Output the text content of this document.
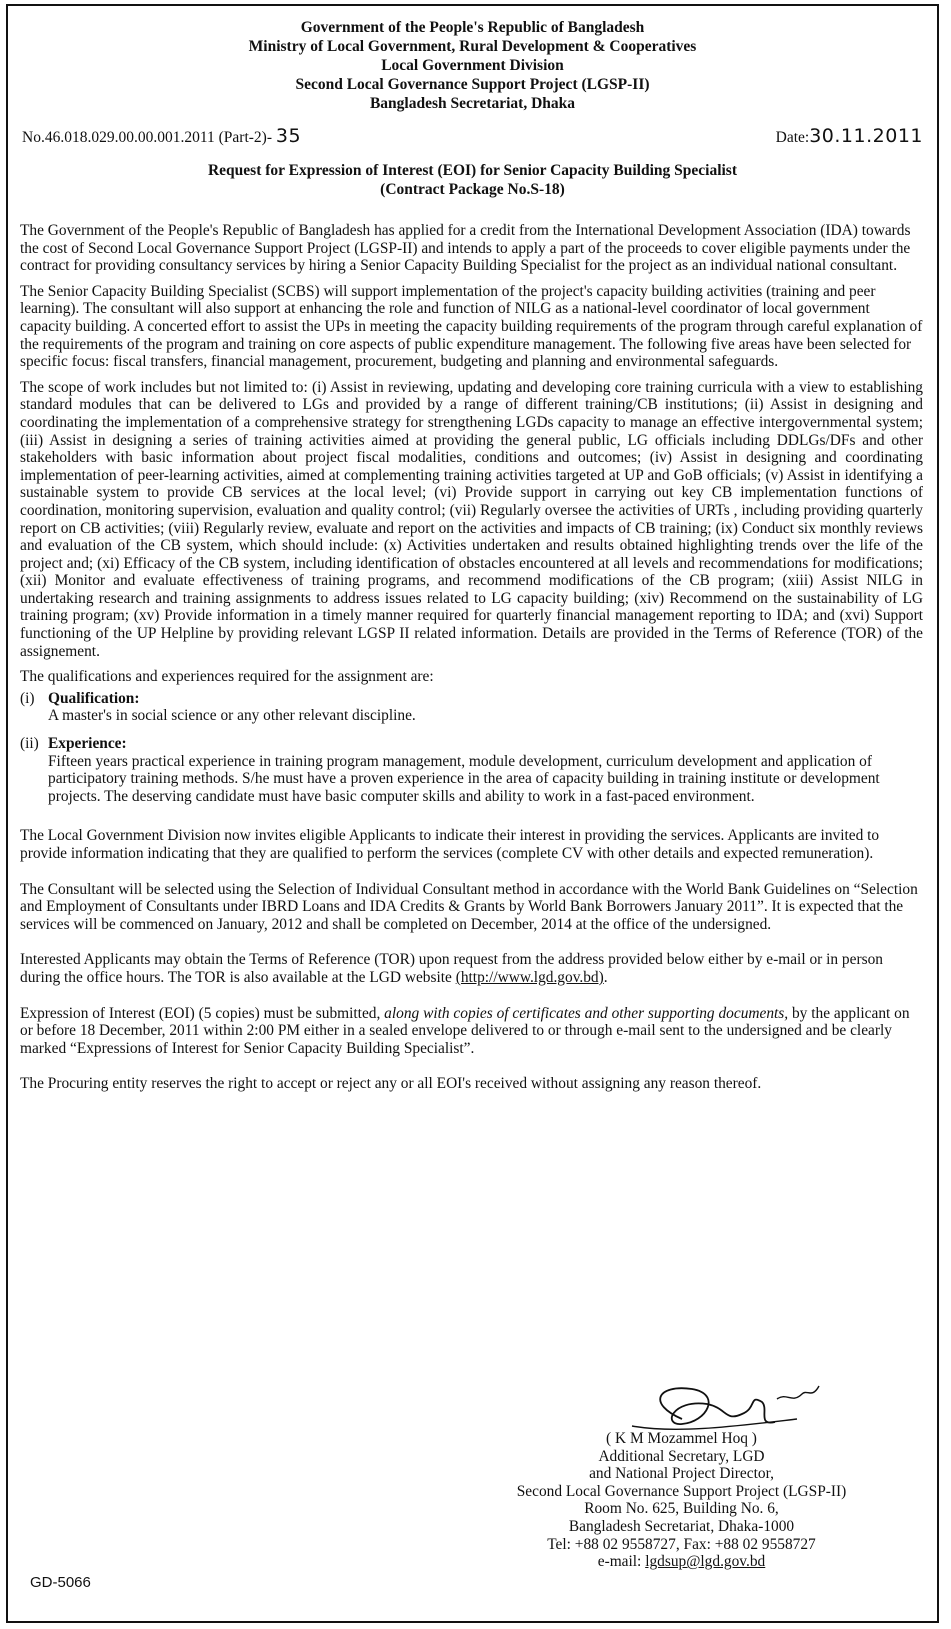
Government of the People's Republic of Bangladesh
Ministry of Local Government, Rural Development & Cooperatives
Local Government Division
Second Local Governance Support Project (LGSP-II)
Bangladesh Secretariat, Dhaka
No.46.018.029.00.00.001.2011 (Part-2)- 35	Date:30.11.2011
Request for Expression of Interest (EOI) for Senior Capacity Building Specialist
(Contract Package No.S-18)

The Government of the People's Republic of Bangladesh has applied for a credit from the International Development Association (IDA) towards the cost of Second Local Governance Support Project (LGSP-II) and intends to apply a part of the proceeds to cover eligible payments under the contract for providing consultancy services by hiring a Senior Capacity Building Specialist for the project as an individual national consultant.

The Senior Capacity Building Specialist (SCBS) will support implementation of the project's capacity building activities (training and peer learning). The consultant will also support at enhancing the role and function of NILG as a national-level coordinator of local government capacity building. A concerted effort to assist the UPs in meeting the capacity building requirements of the program through careful explanation of the requirements of the program and training on core aspects of public expenditure management. The following five areas have been selected for specific focus: fiscal transfers, financial management, procurement, budgeting and planning and environmental safeguards.

The scope of work includes but not limited to: (i) Assist in reviewing, updating and developing core training curricula with a view to establishing standard modules that can be delivered to LGs and provided by a range of different training/CB institutions; (ii) Assist in designing and coordinating the implementation of a comprehensive strategy for strengthening LGDs capacity to manage an effective intergovernmental system; (iii) Assist in designing a series of training activities aimed at providing the general public, LG officials including DDLGs/DFs and other stakeholders with basic information about project fiscal modalities, conditions and outcomes; (iv) Assist in designing and coordinating implementation of peer-learning activities, aimed at complementing training activities targeted at UP and GoB officials; (v) Assist in identifying a sustainable system to provide CB services at the local level; (vi) Provide support in carrying out key CB implementation functions of coordination, monitoring supervision, evaluation and quality control; (vii) Regularly oversee the activities of URTs , including providing quarterly report on CB activities; (viii) Regularly review, evaluate and report on the activities and impacts of CB training; (ix) Conduct six monthly reviews and evaluation of the CB system, which should include: (x) Activities undertaken and results obtained highlighting trends over the life of the project and; (xi) Efficacy of the CB system, including identification of obstacles encountered at all levels and recommendations for modifications; (xii) Monitor and evaluate effectiveness of training programs, and recommend modifications of the CB program; (xiii) Assist NILG in undertaking research and training assignments to address issues related to LG capacity building; (xiv) Recommend on the sustainability of LG training program; (xv) Provide information in a timely manner required for quarterly financial management reporting to IDA; and (xvi) Support functioning of the UP Helpline by providing relevant LGSP II related information. Details are provided in the Terms of Reference (TOR) of the assignement.

The qualifications and experiences required for the assignment are:

(i) Qualification:
A master's in social science or any other relevant discipline.
(ii) Experience:
Fifteen years practical experience in training program management, module development, curriculum development and application of participatory training methods. S/he must have a proven experience in the area of capacity building in training institute or development projects. The deserving candidate must have basic computer skills and ability to work in a fast-paced environment.

The Local Government Division now invites eligible Applicants to indicate their interest in providing the services. Applicants are invited to provide information indicating that they are qualified to perform the services (complete CV with other details and expected remuneration).

The Consultant will be selected using the Selection of Individual Consultant method in accordance with the World Bank Guidelines on “Selection and Employment of Consultants under IBRD Loans and IDA Credits & Grants by World Bank Borrowers January 2011”. It is expected that the services will be commenced on January, 2012 and shall be completed on December, 2014 at the office of the undersigned.

Interested Applicants may obtain the Terms of Reference (TOR) upon request from the address provided below either by e-mail or in person during the office hours. The TOR is also available at the LGD website (http://www.lgd.gov.bd).

Expression of Interest (EOI) (5 copies) must be submitted, along with copies of certificates and other supporting documents, by the applicant on or before 18 December, 2011 within 2:00 PM either in a sealed envelope delivered to or through e-mail sent to the undersigned and be clearly marked “Expressions of Interest for Senior Capacity Building Specialist”.

The Procuring entity reserves the right to accept or reject any or all EOI's received without assigning any reason thereof.

( K M Mozammel Hoq )
Additional Secretary, LGD
and National Project Director,
Second Local Governance Support Project (LGSP-II)
Room No. 625, Building No. 6,
Bangladesh Secretariat, Dhaka-1000
Tel: +88 02 9558727, Fax: +88 02 9558727
e-mail: lgdsup@lgd.gov.bd
GD-5066
